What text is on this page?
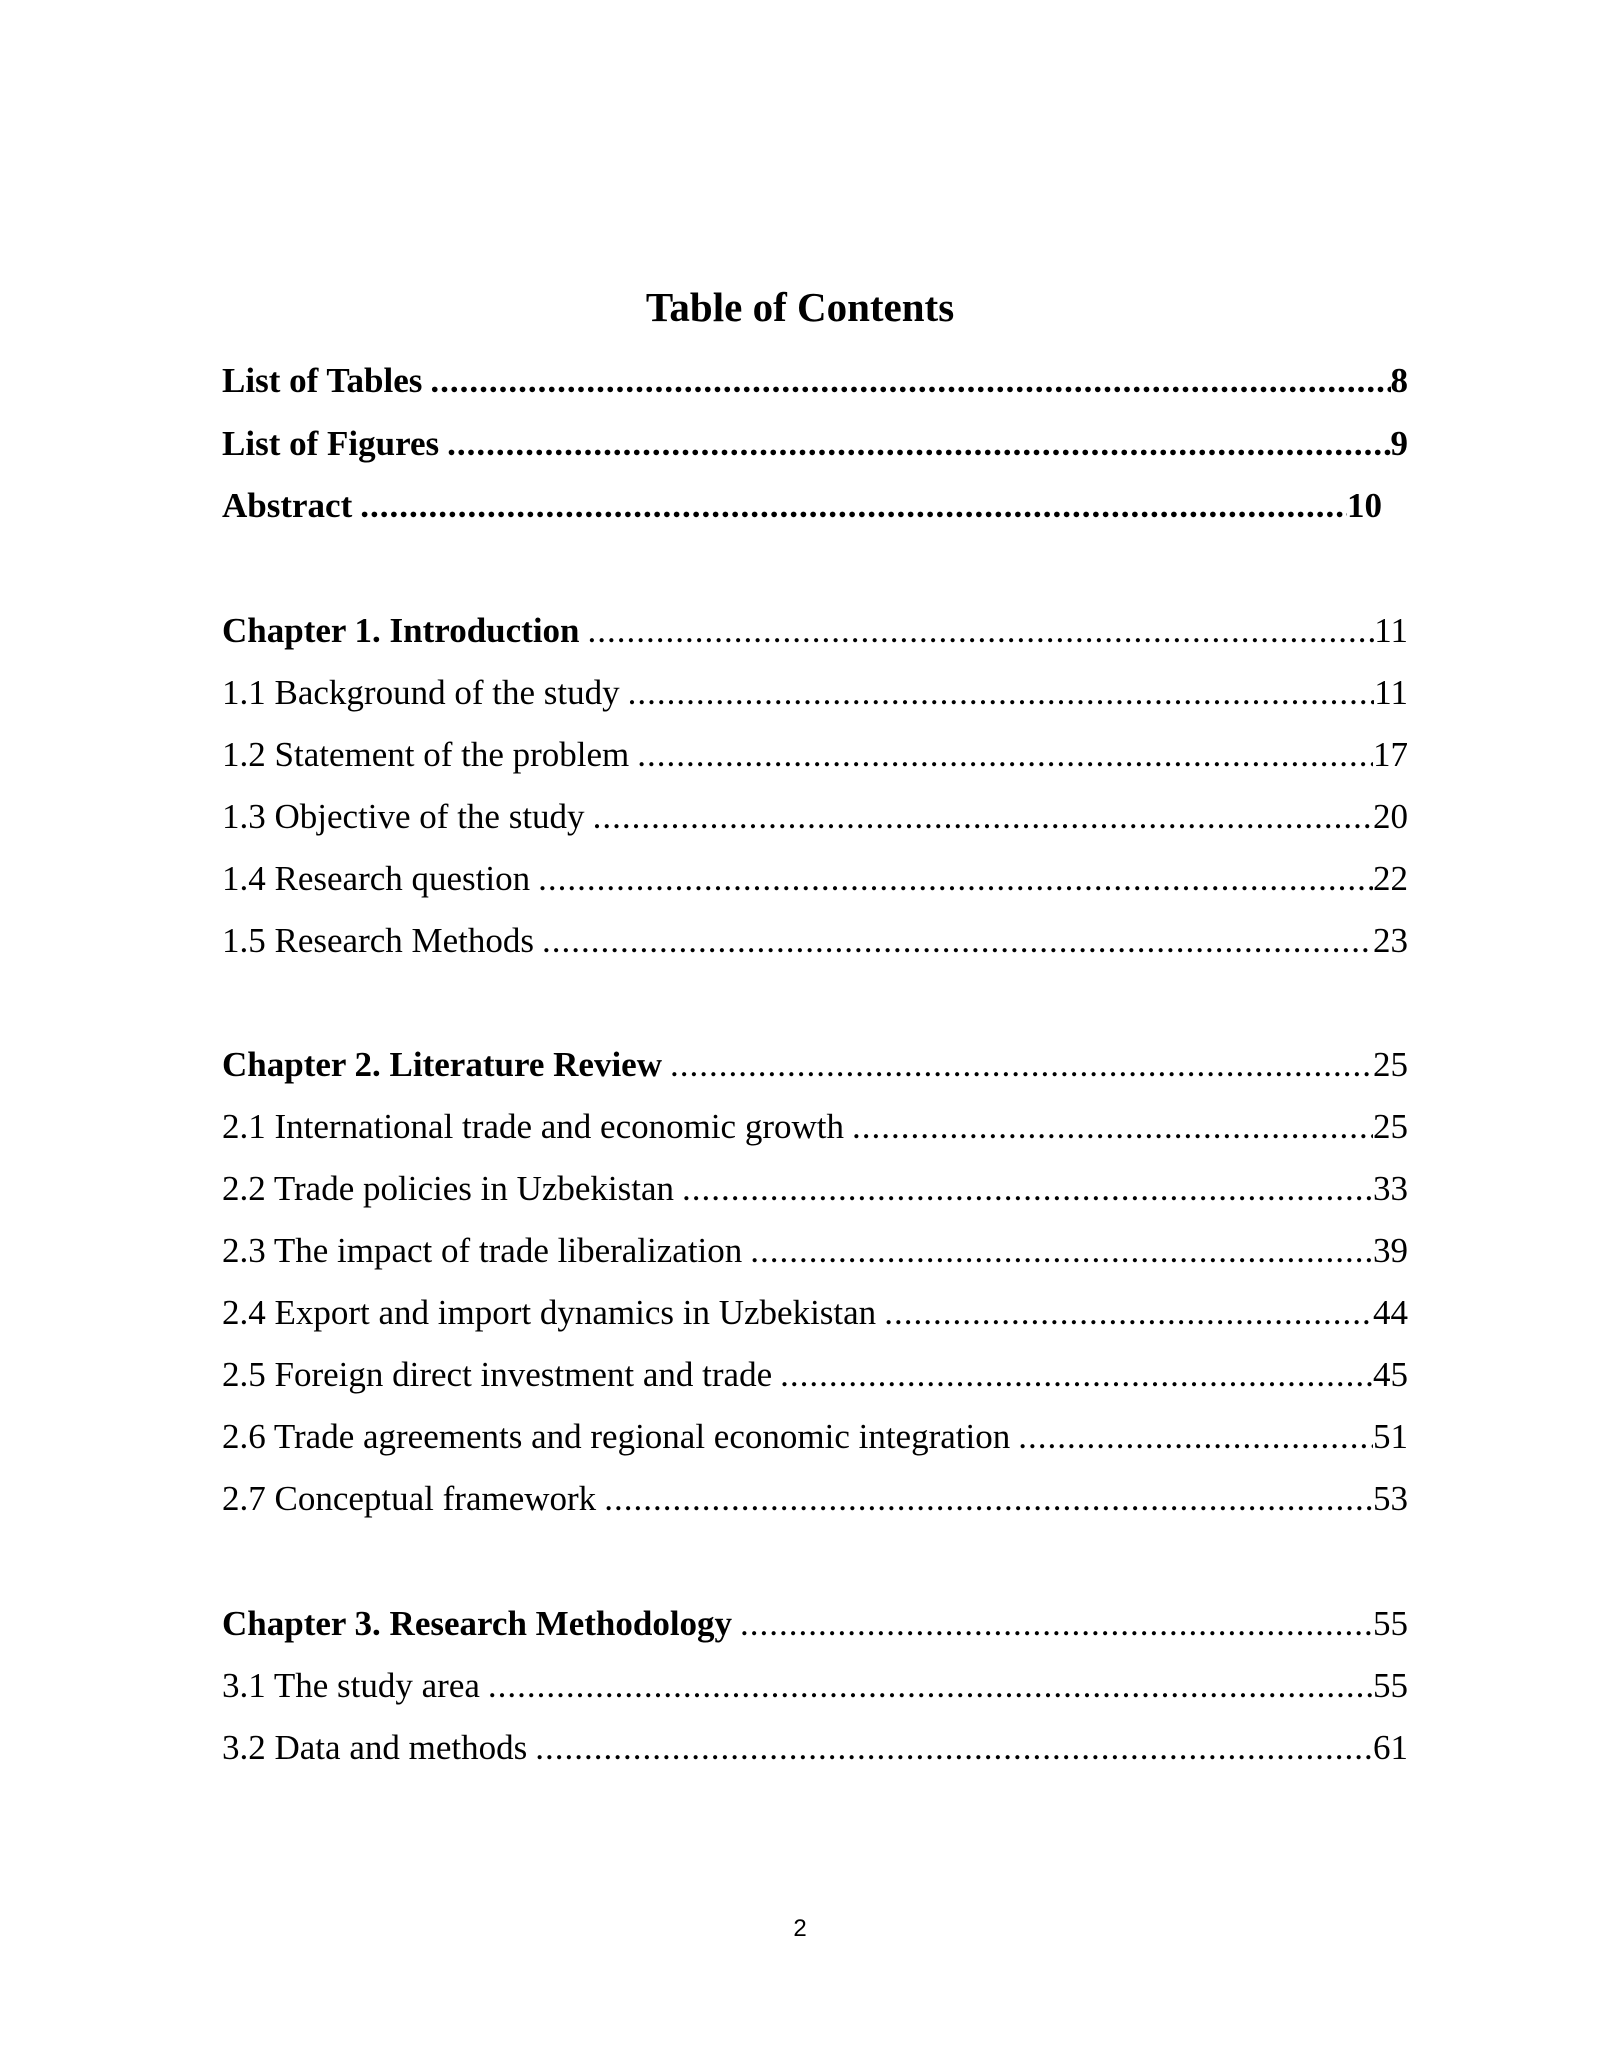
Table of Contents
List of Tables .....	8
List of Figures .....	9
Abstract .....	10
Chapter 1. Introduction .....	11
1.1 Background of the study .....	11
1.2 Statement of the problem .....	17
1.3 Objective of the study .....	20
1.4 Research question .....	22
1.5 Research Methods .....	23
Chapter 2. Literature Review .....	25
2.1 International trade and economic growth .....	25
2.2 Trade policies in Uzbekistan .....	33
2.3 The impact of trade liberalization .....	39
2.4 Export and import dynamics in Uzbekistan .....	44
2.5 Foreign direct investment and trade .....	45
2.6 Trade agreements and regional economic integration .....	51
2.7 Conceptual framework .....	53
Chapter 3. Research Methodology .....	55
3.1 The study area .....	55
3.2 Data and methods .....	61
2
